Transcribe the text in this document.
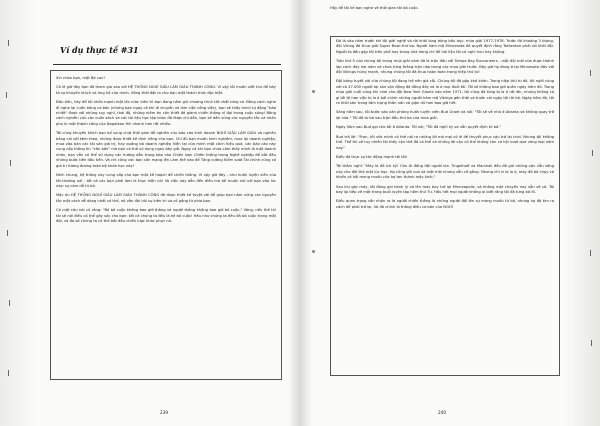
Ví dụ thực tế #31

Xin chào bạn, một Bà con!

Có lẽ giờ đây bạn đã tham gia vào với HỆ THỐNG NGHỈ GIẢU LÀM GIÀU THÀNH CÔNG. Vì vậy tôi muốn viết thư để bày tỏ sự khuyến khích và ủng hộ của mình, đồng thời đặt ra cho bạn một thách thức đặc biệt.

Đầu tiên, hãy để tôi nhấn mạnh một lần nữa: kiên trì bạn đang nắm giữ chương trình tốt nhất từng có. Bằng cách nghe đi nghe lại cuốn băng cơ bản (những bạn ngay cả khi đi chuyển và làm việc công việc), bạn sẽ thấy mình tự động "bảo nhiệt" được với những suy nghĩ, thái độ, những niềm tin cần thiết để giành chiến thắng vĩ đại trong cuộc sống! Bằng cách nghiên cứu các cuốn sách và các tài liệu học tập khác đã được chỉ dẫn, bạn sẽ dần vững các nguyên tắc và nhân phù kì một thành công của Napoleon Hill nhanh hơn rất nhiều.

Tôi cũng khuyến khích bạn bổ sung chút thời gian để nghiên cứu báo cáo kinh doanh NGHĨ GIẢU LÀM GIÀU và nghiên bằng cái với kèm theo, những được thiết kế định riêng cho bạn. Chỉ đủ bạn muốn kinh nghiệm, mua lại doanh nghiệp, mua vào bán các tài sản giá trị, hay quảng bá doanh nghiệp hiện tại của mình một cách hiệu quả, các báo cáo này cung cấp thông tin "cần bản" mà bạn có thể sử dụng ngay bây giờ. Ngay cả khi bạn chưa cảm thấy mình là một doanh nhân, bạn vẫn có thể sử dụng các hướng dẫn trong báo cáo Chiến lược Chiến thắng trong Nghề nghiệp để bắt đầu những bước tiến đầu tiên. Và chỉ cũng các bạn cần mạng lên Làm thế nào để Tăng cường Kiểm soát Tài chính cũng có giá trị tương đương toàn bộ khóa học này!

Nhìn chung, hệ thống này cung cấp cho bạn một kế hoạch để chiến thắng. Vì vậy giờ đây - như huấn luyện viên của tôi thường nói - tất cả các bạn phải làm là thực hiện nó! Và việc này dẫn đến điều mà tôi muốn nói với bạn vào lúc này: sự cám dỗ từ bỏ.

Mặc dù HỆ THỐNG NGHĨ GIẢU LÀM GIÀU THÀNH CÔNG đã được thiết kế tuyệt vời để giúp bạn nắm vững các nguyên tắc một cách dễ dàng nhất có thể, nó vẫn đòi hỏi sự kiên trì và cố gắng từ phía bạn.

Có một câu nói cũ rằng: "Bỏ bố cuộc không bao giờ thắng và người thắng không bao giờ bỏ cuộc." Vâng, nếu thế thì tôi sẽ nói điều có thể gây sốc cho bạn: tất cả chúng ta đều là kẻ bỏ cuộc! Hầu như chúng ta đều đã bỏ cuộc trong một đời, và đa số chúng ta có thể bắt đầu chiến lược khác phục nó.

239

Hãy để tôi kể bạn nghe về thời gian tôi bỏ cuộc.

Đó là vào năm trước khi tôi giải nghệ và rời khỏi làng bóng bầu dục: mùa giải 1977-1978. Trước đó khoảng 3 tháng, đội Viking đã thua giải Super Bowl thứ ba. Người hâm mộ Minnesota đã quyết định rằng Tarkenton phải rời khỏi đội. Người ta đều gặp tôi trên phố hay trong nhà hàng chỉ để hỏi liệu tôi có nghỉ hưu hay không.

Trận thứ 5 của chúng tôi trong mùa giải năm đó là trận đấu với Tampa Bay Buccaneers - một đội mới vừa được thành lập cách đây hai năm và chưa từng thắng trận nào trong các mùa giải trước. Bây giờ họ đang ở tại Minnesota đấu với đội Vikings hùng mạnh, nhưng chúng tôi đã thua hoàn toàn trong hiệp thứ tư!

Đội bóng tuyệt vời của chúng tôi đang trở nên già cỗi. Chúng tôi đã gặp khó khăn. Trong hiệp thứ tư đó, tôi ngồi cùng với cả 47.000 người tại sân vận động đã đồng đẩy và la ó mọi đuổi tôi. Tôi sẽ không bao giờ quên ngày hôm đó. Trong mùa giải cuối cùng khi chơi cho đội New York Giants vào năm 1971, tôi cũng đã từng bị la ó rất lớn, nhưng không có gì tồi tệ hơn việc bị la ó bởi chính những người hâm mộ Vikings gần thời và trước cái ngày tôi rời bỏ. Ngày hôm đó, tôi ra khỏi sân trong tâm trạng thôn nản và giận dữ hơn bao giờ hết.

Sáng hôm sau, tôi bước vào văn phòng huấn luyện viên Bud Grant và nói: "Tôi sẽ về nhà ở Atlanta và không quay trở lại nữa." Tôi đã từ bỏ sau trận đấu thứ ba của mùa giải.

Ngày hôm sau Bud gọi cho tôi ở Atlanta. Tôi nói, "Tôi đã nghĩ kỹ và vẫn quyết định từ bỏ."

Bud trả lời: "Fran, tôi ước mình có thể nói ra những lời mà mọi có lẽ để thuyết phục cậu trở lại chơi. Nhưng tôi không thể. Thế thì vẽ tuy nhiên tôi thấy cậu thế đã có thể và những lời cậu có thể không còn cơ hội vượt qua vòng loại năm nay."

Điều đó thực sự tác động mạnh tới tôi!

Tôi thầm nghĩ: "Mày là đồ ích kỷ! Còn Ái đồng đội người kia. Tingelhoff và Marshall đều đã gửi những vận vẫn sống này cho đôi thỏ một lúc học. Họ cũng gửi cưa và một môi nhưng vẫn cố gắng. Nhưng chỉ vì bị la ó, mày đã bỏ chạy và khiến cả hội mong muốn của họ tan thành mây khói."

Sau khi gác máy, tôi đóng gói hành lý và lên máy bay trở lại Minneapolis, và không một chuyến nay vẫn về cả. Tôi bay lại tiếp về một trong buổi luyện tập hôm thứ Tư. Hầu hết mọi người không ai biết rằng tôi đã từng bỏ đi.

Điều quan trọng cần nhận ra là người chiến thắng là những người đối lên sự mong muốn từ bỏ, nhưng họ đã tìm ra cách để phải trở lại. Và đó chính là thắng điều cơ bản của NGHĨ

240
